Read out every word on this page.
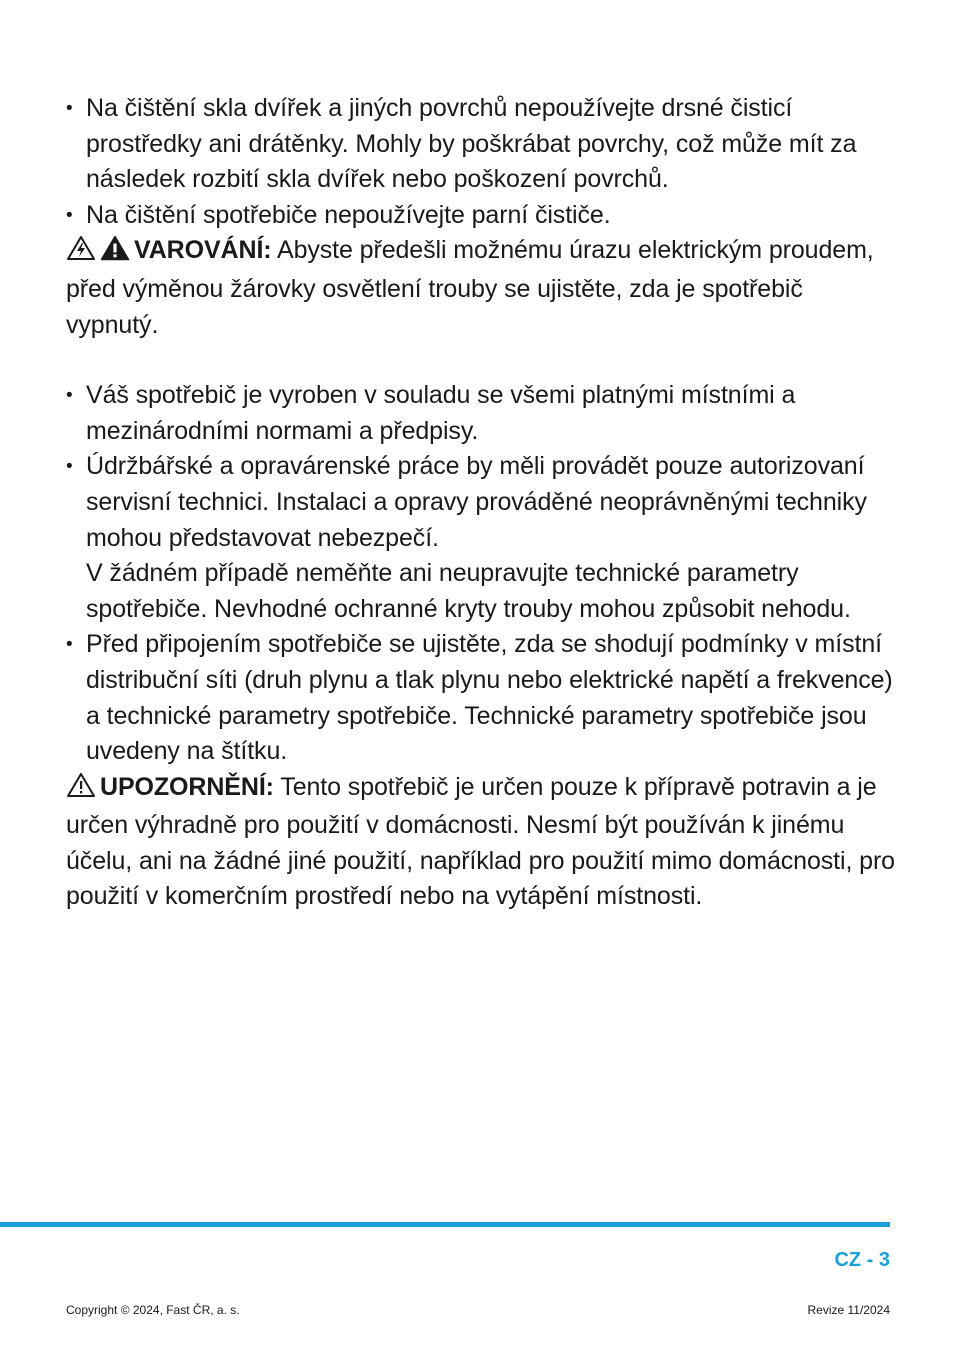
• Na čištění skla dvířek a jiných povrchů nepoužívejte drsné čisticí prostředky ani drátěnky. Mohly by poškrábat povrchy, což může mít za následek rozbití skla dvířek nebo poškození povrchů.

• Na čištění spotřebiče nepoužívejte parní čističe.

VAROVÁNÍ: Abyste předešli možnému úrazu elektrickým proudem, před výměnou žárovky osvětlení trouby se ujistěte, zda je spotřebič vypnutý.

• Váš spotřebič je vyroben v souladu se všemi platnými místními a mezinárodními normami a předpisy.

• Údržbářské a opravárenské práce by měli provádět pouze autorizovaní servisní technici. Instalaci a opravy prováděné neoprávněnými techniky mohou představovat nebezpečí.
V žádném případě neměňte ani neupravujte technické parametry spotřebiče. Nevhodné ochranné kryty trouby mohou způsobit nehodu.

• Před připojením spotřebiče se ujistěte, zda se shodují podmínky v místní distribuční síti (druh plynu a tlak plynu nebo elektrické napětí a frekvence) a technické parametry spotřebiče. Technické parametry spotřebiče jsou uvedeny na štítku.

UPOZORNĚNÍ: Tento spotřebič je určen pouze k přípravě potravin a je určen výhradně pro použití v domácnosti. Nesmí být používán k jinému účelu, ani na žádné jiné použití, například pro použití mimo domácnosti, pro použití v komerčním prostředí nebo na vytápění místnosti.

CZ - 3
Copyright © 2024, Fast ČR, a. s.	Revize 11/2024
